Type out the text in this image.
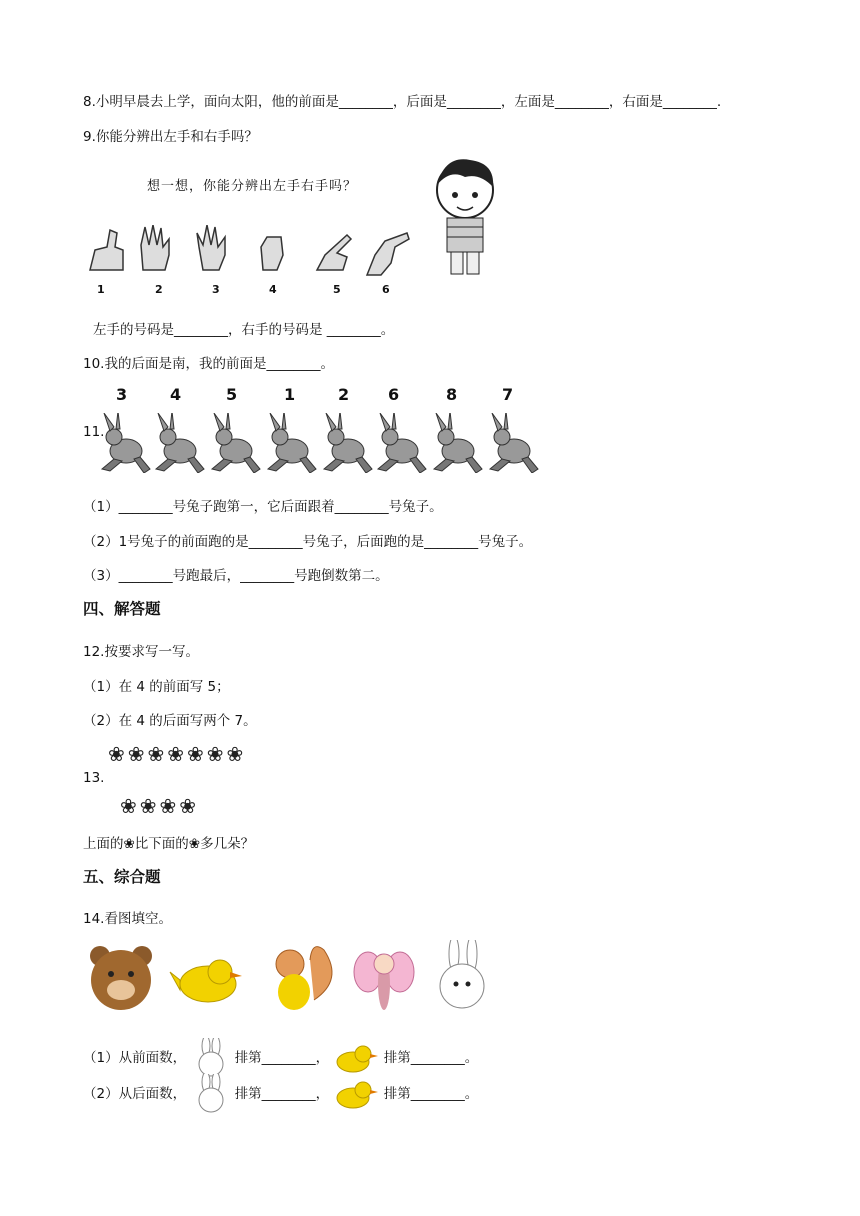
8.小明早晨去上学，面向太阳，他的前面是________，后面是________，左面是________，右面是________.
9.你能分辨出左手和右手吗？
想一想，你能分辨出左手右手吗？
1	2	3	4	5	6
左手的号码是________，右手的号码是 ________。
10.我的后面是南，我的前面是________。
11.
3	4	5	1	2 6	8	7
（1）________号兔子跑第一，它后面跟着________号兔子。
（2）1号兔子的前面跑的是________号兔子，后面跑的是________号兔子。
（3）________号跑最后，________号跑倒数第二。
四、解答题
12.按要求写一写。
（1）在 4 的前面写 5；
（2）在 4 的后面写两个 7。
❀❀❀❀❀❀❀
13.
❀❀❀❀
上面的❀比下面的❀多几朵？
五、综合题
14.看图填空。
（1）从前面数，	排第________，	排第________。
（2）从后面数，	排第________，	排第________。
